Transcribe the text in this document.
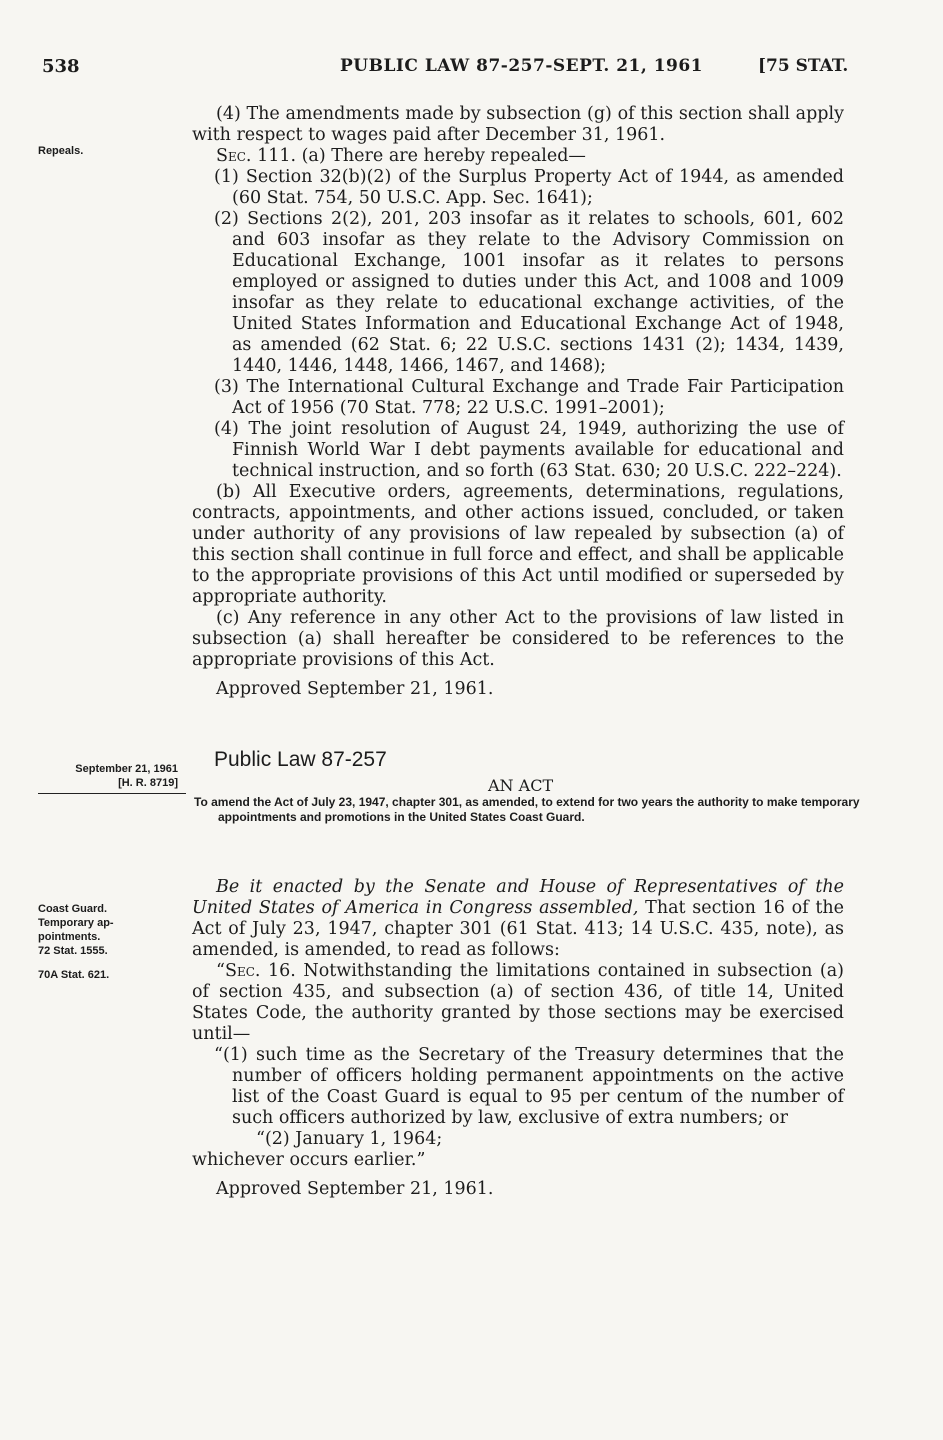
538	PUBLIC LAW 87-257-SEPT. 21, 1961	[75 STAT.
Repeals.

(4) The amendments made by subsection (g) of this section shall apply with respect to wages paid after December 31, 1961.

Sec. 111. (a) There are hereby repealed—

(1) Section 32(b)(2) of the Surplus Property Act of 1944, as amended (60 Stat. 754, 50 U.S.C. App. Sec. 1641);

(2) Sections 2(2), 201, 203 insofar as it relates to schools, 601, 602 and 603 insofar as they relate to the Advisory Commission on Educational Exchange, 1001 insofar as it relates to persons employed or assigned to duties under this Act, and 1008 and 1009 insofar as they relate to educational exchange activities, of the United States Information and Educational Exchange Act of 1948, as amended (62 Stat. 6; 22 U.S.C. sections 1431 (2); 1434, 1439, 1440, 1446, 1448, 1466, 1467, and 1468);

(3) The International Cultural Exchange and Trade Fair Participation Act of 1956 (70 Stat. 778; 22 U.S.C. 1991–2001);

(4) The joint resolution of August 24, 1949, authorizing the use of Finnish World War I debt payments available for educational and technical instruction, and so forth (63 Stat. 630; 20 U.S.C. 222–224).

(b) All Executive orders, agreements, determinations, regulations, contracts, appointments, and other actions issued, concluded, or taken under authority of any provisions of law repealed by subsection (a) of this section shall continue in full force and effect, and shall be applicable to the appropriate provisions of this Act until modified or superseded by appropriate authority.

(c) Any reference in any other Act to the provisions of law listed in subsection (a) shall hereafter be considered to be references to the appropriate provisions of this Act.

Approved September 21, 1961.

Public Law 87-257
September 21, 1961
[H. R. 8719]	AN ACT
To amend the Act of July 23, 1947, chapter 301, as amended, to extend for two years the authority to make temporary appointments and promotions in the United States Coast Guard.
Coast Guard.
Temporary ap-
pointments.
72 Stat. 1555.
70A Stat. 621.

Be it enacted by the Senate and House of Representatives of the United States of America in Congress assembled, That section 16 of the Act of July 23, 1947, chapter 301 (61 Stat. 413; 14 U.S.C. 435, note), as amended, is amended, to read as follows:

“Sec. 16. Notwithstanding the limitations contained in subsection (a) of section 435, and subsection (a) of section 436, of title 14, United States Code, the authority granted by those sections may be exercised until—

“(1) such time as the Secretary of the Treasury determines that the number of officers holding permanent appointments on the active list of the Coast Guard is equal to 95 per centum of the number of such officers authorized by law, exclusive of extra numbers; or

“(2) January 1, 1964;

whichever occurs earlier.”

Approved September 21, 1961.
